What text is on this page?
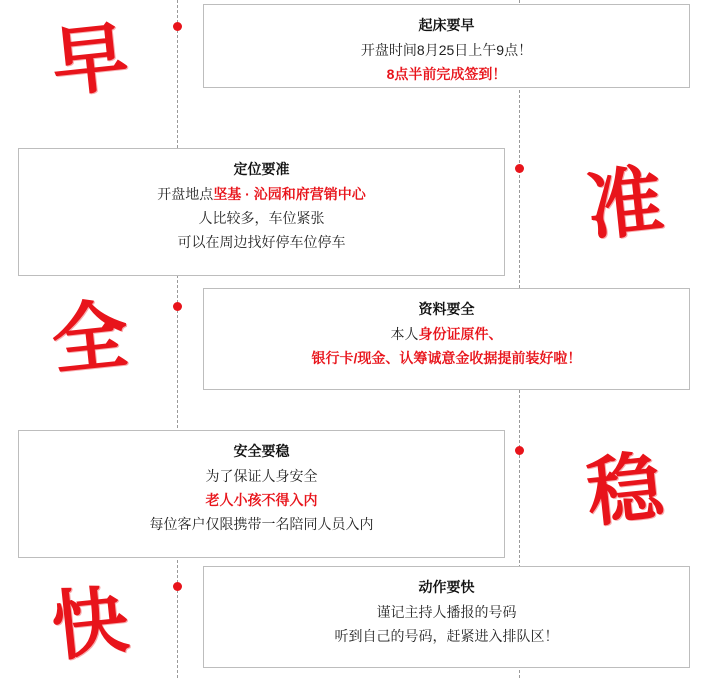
早	起床要早
开盘时间8月25日上午9点！
8点半前完成签到！
准
定位要准
开盘地点坚基 · 沁园和府营销中心
人比较多，车位紧张
可以在周边找好停车位停车
全	资料要全
本人身份证原件、
银行卡/现金、认筹诚意金收据提前装好啦！
稳
安全要稳
为了保证人身安全
老人小孩不得入内
每位客户仅限携带一名陪同人员入内
快	动作要快
谨记主持人播报的号码
听到自己的号码，赶紧进入排队区！
